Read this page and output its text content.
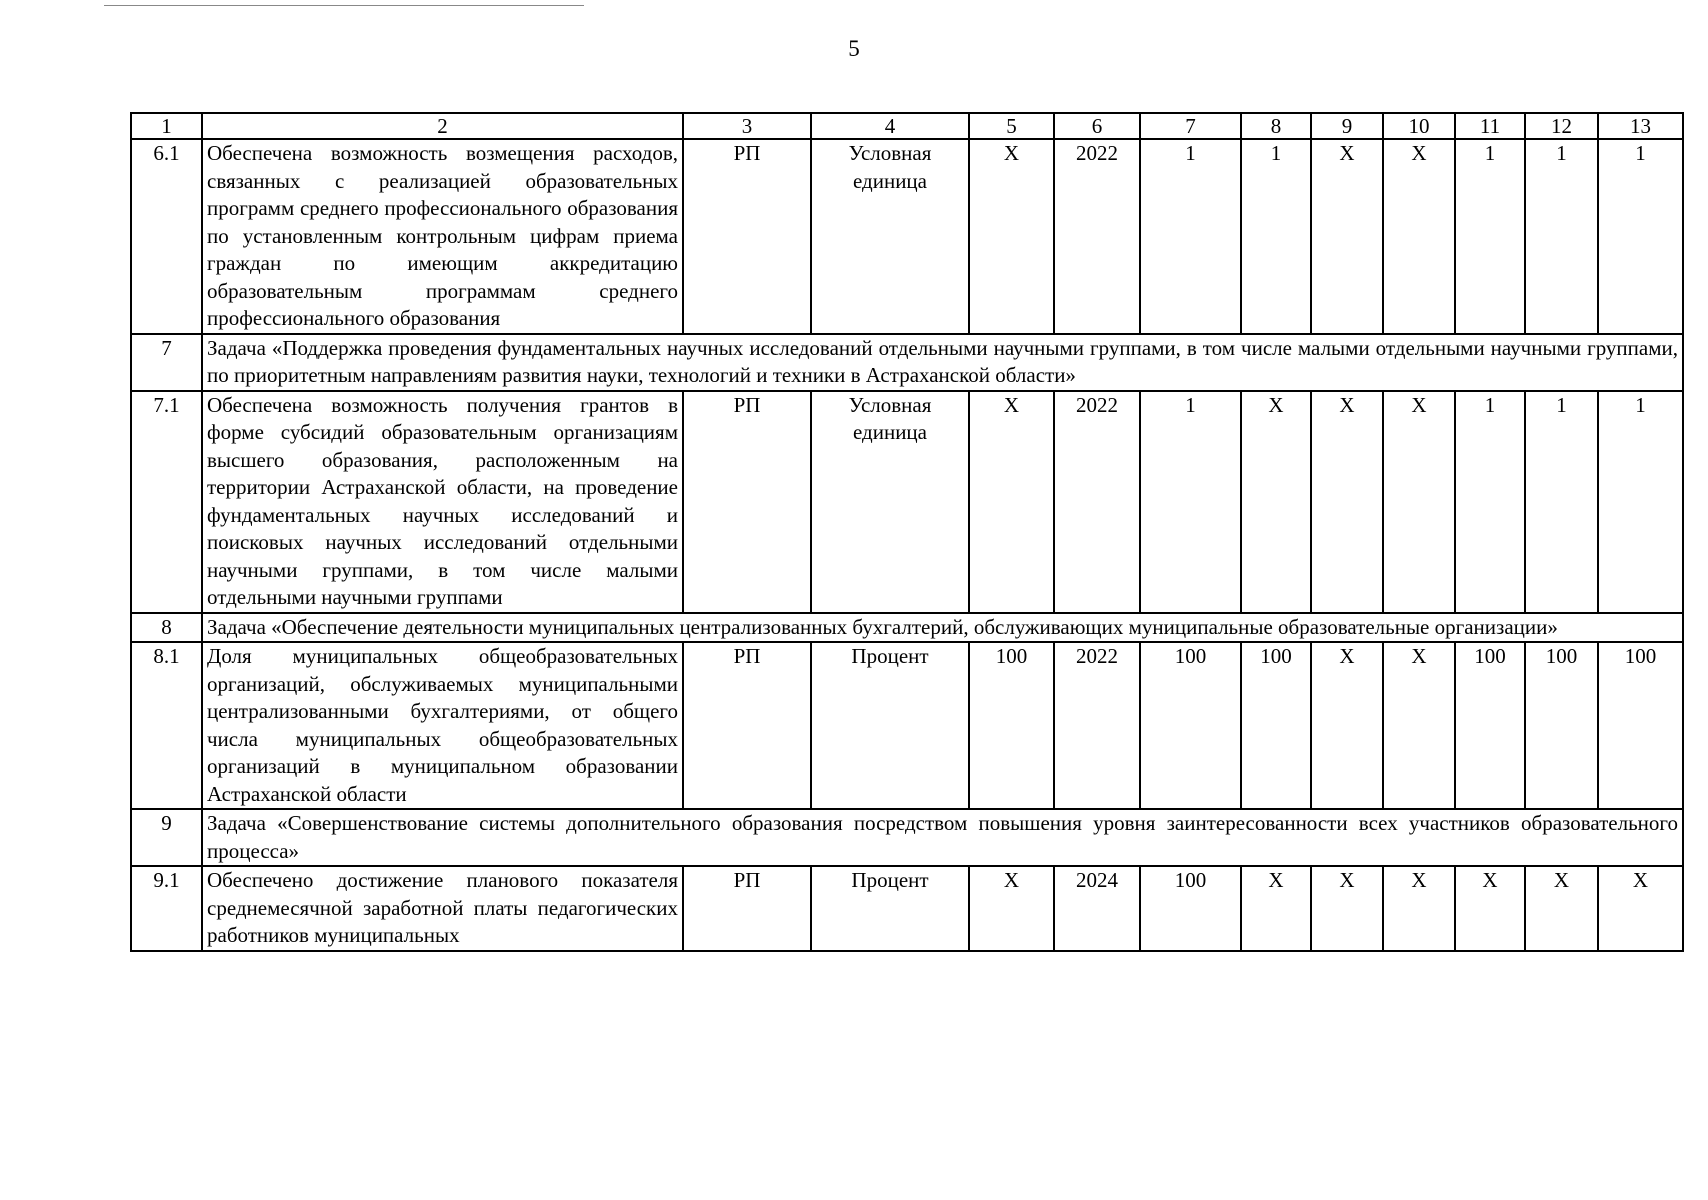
5
1	2	3	4	5	6	7	8	9	10	11	12	13
6.1	Обеспечена возможность возмещения расходов, связанных с реализацией образовательных программ среднего профессионального образования по установленным контрольным цифрам приема граждан по имеющим аккредитацию образовательным программам среднего профессионального образования	РП	Условная единица	X	2022	1	1	X	X	1	1	1
7	Задача «Поддержка проведения фундаментальных научных исследований отдельными научными группами, в том числе малыми отдельными научными группами, по приоритетным направлениям развития науки, технологий и техники в Астраханской области»											
7.1	Обеспечена возможность получения грантов в форме субсидий образовательным организациям высшего образования, расположенным на территории Астраханской области, на проведение фундаментальных научных исследований и поисковых научных исследований отдельными научными группами, в том числе малыми отдельными научными группами	РП	Условная единица	X	2022	1	X	X	X	1	1	1
8	Задача «Обеспечение деятельности муниципальных централизованных бухгалтерий, обслуживающих муниципальные образовательные организации»											
8.1	Доля муниципальных общеобразовательных организаций, обслуживаемых муниципальными централизованными бухгалтериями, от общего числа муниципальных общеобразовательных организаций в муниципальном образовании Астраханской области	РП	Процент	100	2022	100	100	X	X	100	100	100
9	Задача «Совершенствование системы дополнительного образования посредством повышения уровня заинтересованности всех участников образовательного процесса»											
9.1	Обеспечено достижение планового показателя среднемесячной заработной платы педагогических работников муниципальных	РП	Процент	X	2024	100	X	X	X	X	X	X
